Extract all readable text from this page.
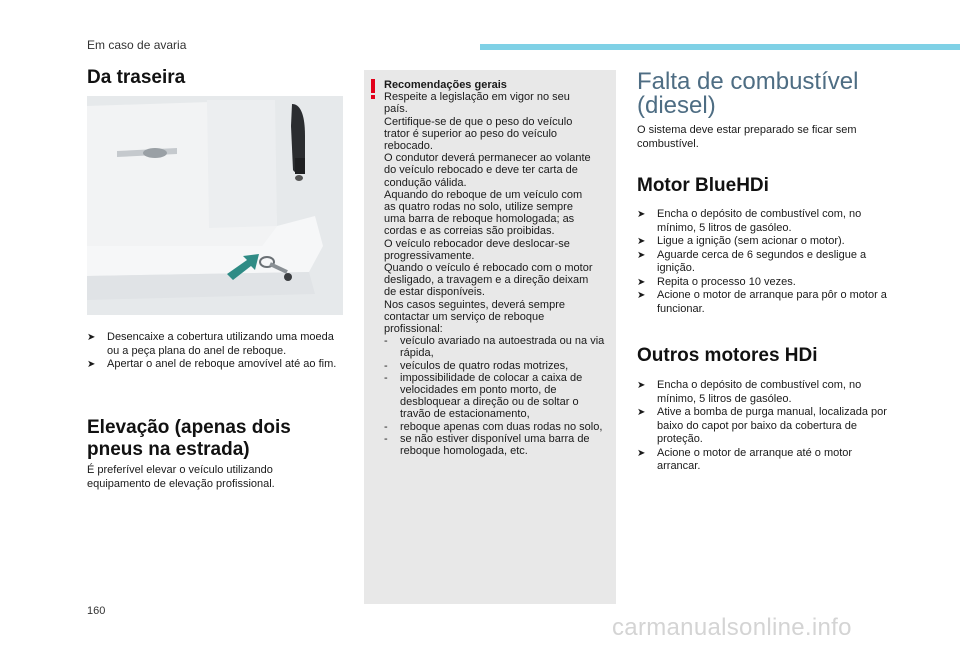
Em caso de avaria
Da traseira
➤ Desencaixe a cobertura utilizando uma moeda ou a peça plana do anel de reboque.
➤ Apertar o anel de reboque amovível até ao fim.
Elevação (apenas dois
pneus na estrada)

É preferível elevar o veículo utilizando equipamento de elevação profissional.

Recomendações gerais
Respeite a legislação em vigor no seu
país.
Certifique-se de que o peso do veículo
trator é superior ao peso do veículo
rebocado.
O condutor deverá permanecer ao volante
do veículo rebocado e deve ter carta de
condução válida.
Aquando do reboque de um veículo com
as quatro rodas no solo, utilize sempre
uma barra de reboque homologada; as
cordas e as correias são proibidas.
O veículo rebocador deve deslocar-se
progressivamente.
Quando o veículo é rebocado com o motor
desligado, a travagem e a direção deixam
de estar disponíveis.
Nos casos seguintes, deverá sempre
contactar um serviço de reboque
profissional:
- veículo avariado na autoestrada ou na via rápida,
- veículos de quatro rodas motrizes,
- impossibilidade de colocar a caixa de velocidades em ponto morto, de desbloquear a direção ou de soltar o travão de estacionamento,
- reboque apenas com duas rodas no solo,
- se não estiver disponível uma barra de reboque homologada, etc.
Falta de combustível
(diesel)

O sistema deve estar preparado se ficar sem combustível.

Motor BlueHDi
➤ Encha o depósito de combustível com, no mínimo, 5 litros de gasóleo.
➤ Ligue a ignição (sem acionar o motor).
➤ Aguarde cerca de 6 segundos e desligue a ignição.
➤ Repita o processo 10 vezes.
➤ Acione o motor de arranque para pôr o motor a funcionar.
Outros motores HDi
➤ Encha o depósito de combustível com, no mínimo, 5 litros de gasóleo.
➤ Ative a bomba de purga manual, localizada por baixo do capot por baixo da cobertura de proteção.
➤ Acione o motor de arranque até o motor arrancar.
160
carmanualsonline.info
